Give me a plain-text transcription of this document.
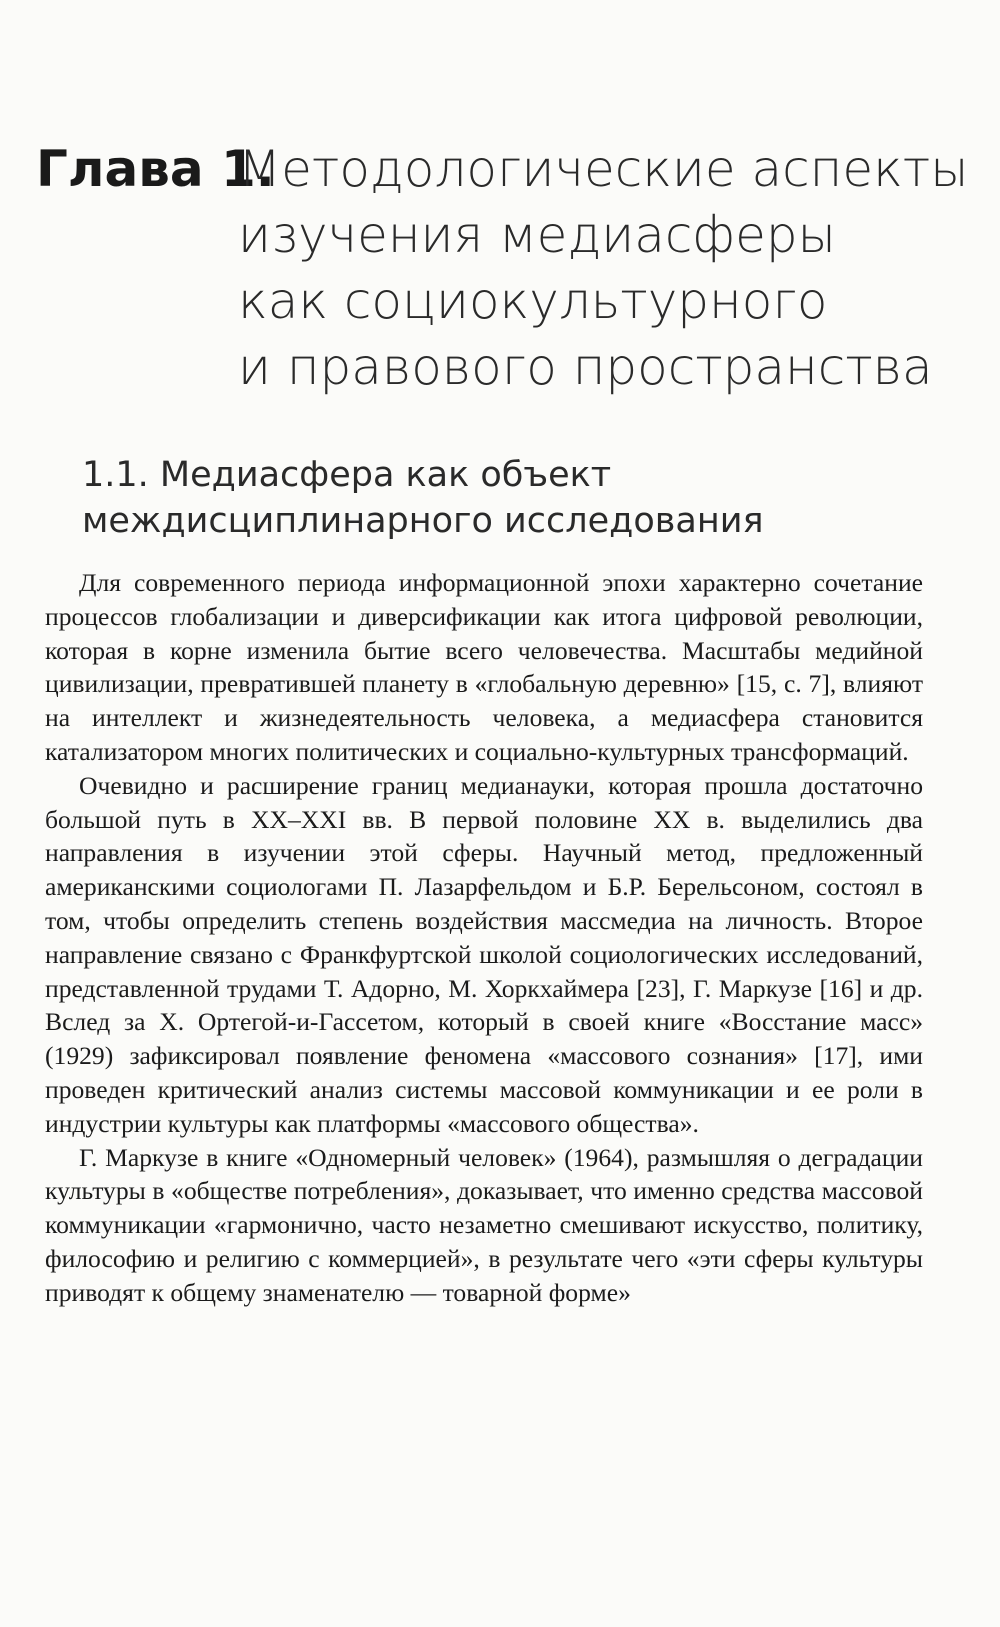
Глава 1.
Методологические аспекты
изучения медиасферы
как социокультурного
и правового пространства
1.1. Медиасфера как объект
междисциплинарного исследования

Для современного периода информационной эпохи характерно сочетание процессов глобализации и диверсификации как итога цифровой революции, которая в корне изменила бытие всего человечества. Масштабы медийной цивилизации, превратившей планету в «глобальную деревню» [15, с. 7], влияют на интеллект и жизнедеятельность человека, а медиасфера становится катализатором многих политических и социально-культурных трансформаций.

Очевидно и расширение границ медианауки, которая прошла достаточно большой путь в XX–XXI вв. В первой половине XX в. выделились два направления в изучении этой сферы. Научный метод, предложенный американскими социологами П. Лазарфельдом и Б.Р. Берельсоном, состоял в том, чтобы определить степень воздействия массмедиа на личность. Второе направление связано с Франкфуртской школой социологических исследований, представленной трудами Т. Адорно, М. Хоркхаймера [23], Г. Маркузе [16] и др. Вслед за Х. Ортегой-и-Гассетом, который в своей книге «Восстание масс» (1929) зафиксировал появление феномена «массового сознания» [17], ими проведен критический анализ системы массовой коммуникации и ее роли в индустрии культуры как платформы «массового общества».

Г. Маркузе в книге «Одномерный человек» (1964), размышляя о деградации культуры в «обществе потребления», доказывает, что именно средства массовой коммуникации «гармонично, часто незаметно смешивают искусство, политику, философию и религию с коммерцией», в результате чего «эти сферы культуры приводят к общему знаменателю — товарной форме»
